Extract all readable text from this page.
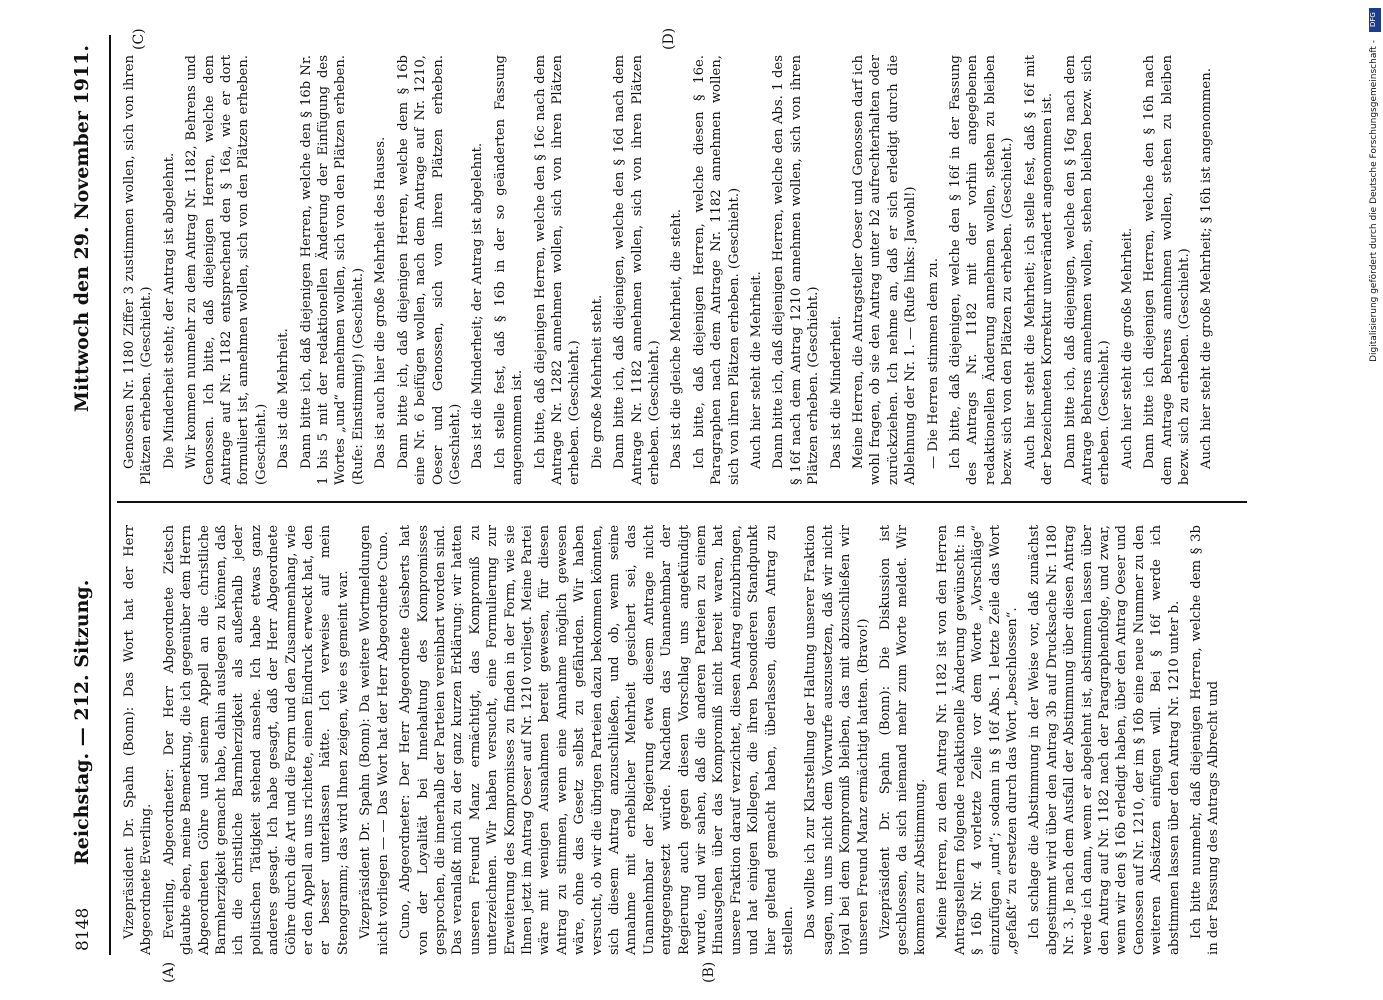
8148
Reichstag. — 212. Sitzung.
Mittwoch den 29. November 1911.
(A)	(B)
(C)	(D)

Vizepräsident Dr. Spahn (Bonn): Das Wort hat der Herr Abgeordnete Everling. Everling, Abgeordneter: Der Herr Abgeordnete Zietsch glaubte eben, meine Bemerkung, die ich gegenüber dem Herrn Abgeordneten Göhre und seinem Appell an die christliche Barmherzigkeit gemacht habe, dahin auslegen zu können, daß ich die christliche Barmherzigkeit als außerhalb jeder politischen Tätigkeit stehend ansehe. Ich habe etwas ganz anderes gesagt. Ich habe gesagt, daß der Herr Abgeordnete Göhre durch die Art und die Form und den Zusammenhang, wie er den Appell an uns richtete, einen Eindruck erweckt hat, den er besser unterlassen hätte. Ich verweise auf mein Stenogramm; das wird Ihnen zeigen, wie es gemeint war. Vizepräsident Dr. Spahn (Bonn): Da weitere Wortmeldungen nicht vorliegen — — Das Wort hat der Herr Abgeordnete Cuno. Cuno, Abgeordneter: Der Herr Abgeordnete Giesberts hat von der Loyalität bei Innehaltung des Kompromisses gesprochen, die innerhalb der Parteien vereinbart worden sind. Das veranlaßt mich zu der ganz kurzen Erklärung: wir hatten unseren Freund Manz ermächtigt, das Kompromiß zu unterzeichnen. Wir haben versucht, eine Formulierung zur Erweiterung des Kompromisses zu finden in der Form, wie sie Ihnen jetzt im Antrag Oeser auf Nr. 1210 vorliegt. Meine Partei wäre mit wenigen Ausnahmen bereit gewesen, für diesen Antrag zu stimmen, wenn eine Annahme möglich gewesen wäre, ohne das Gesetz selbst zu gefährden. Wir haben versucht, ob wir die übrigen Parteien dazu bekommen könnten, sich diesem Antrag anzuschließen, und ob, wenn seine Annahme mit erheblicher Mehrheit gesichert sei, das Unannehmbar der Regierung etwa diesem Antrage nicht entgegengesetzt würde. Nachdem das Unannehmbar der Regierung auch gegen diesen Vorschlag uns angekündigt wurde, und wir sahen, daß die anderen Parteien zu einem Hinausgehen über das Kompromiß nicht bereit waren, hat unsere Fraktion darauf verzichtet, diesen Antrag einzubringen, und hat einigen Kollegen, die ihren besonderen Standpunkt hier geltend gemacht haben, überlassen, diesen Antrag zu stellen. Das wollte ich zur Klarstellung der Haltung unserer Fraktion sagen, um uns nicht dem Vorwurfe auszusetzen, daß wir nicht loyal bei dem Kompromiß bleiben, das mit abzuschließen wir unseren Freund Manz ermächtigt hatten. (Bravo!) Vizepräsident Dr. Spahn (Bonn): Die Diskussion ist geschlossen, da sich niemand mehr zum Worte meldet. Wir kommen zur Abstimmung. Meine Herren, zu dem Antrag Nr. 1182 ist von den Herren Antragstellern folgende redaktionelle Änderung gewünscht: in § 16b Nr. 4 vorletzte Zeile vor dem Worte „Vorschläge“ einzufügen „und“; sodann in § 16f Abs. 1 letzte Zeile das Wort „gefaßt“ zu ersetzen durch das Wort „beschlossen“. Ich schlage die Abstimmung in der Weise vor, daß zunächst abgestimmt wird über den Antrag 3b auf Drucksache Nr. 1180 Nr. 3. Je nach dem Ausfall der Abstimmung über diesen Antrag werde ich dann, wenn er abgelehnt ist, abstimmen lassen über den Antrag auf Nr. 1182 nach der Paragraphenfolge, und zwar, wenn wir den § 16b erledigt haben, über den Antrag Oeser und Genossen auf Nr. 1210, der im § 16b eine neue Nummer zu den weiteren Absätzen einfügen will. Bei § 16f werde ich abstimmen lassen über den Antrag Nr. 1210 unter b. Ich bitte nunmehr, daß diejenigen Herren, welche dem § 3b in der Fassung des Antrags Albrecht und

Genossen Nr. 1180 Ziffer 3 zustimmen wollen, sich von ihren Plätzen erheben. (Geschieht.) Die Minderheit steht; der Antrag ist abgelehnt. Wir kommen nunmehr zu dem Antrag Nr. 1182, Behrens und Genossen. Ich bitte, daß diejenigen Herren, welche dem Antrage auf Nr. 1182 entsprechend den § 16a, wie er dort formuliert ist, annehmen wollen, sich von den Plätzen erheben. (Geschieht.) Das ist die Mehrheit. Dann bitte ich, daß diejenigen Herren, welche den § 16b Nr. 1 bis 5 mit der redaktionellen Änderung der Einfügung des Wortes „und“ annehmen wollen, sich von den Plätzen erheben. (Rufe: Einstimmig!) (Geschieht.) Das ist auch hier die große Mehrheit des Hauses. Dann bitte ich, daß diejenigen Herren, welche dem § 16b eine Nr. 6 beifügen wollen, nach dem Antrage auf Nr. 1210, Oeser und Genossen, sich von ihren Plätzen erheben. (Geschieht.) Das ist die Minderheit; der Antrag ist abgelehnt. Ich stelle fest, daß § 16b in der so geänderten Fassung angenommen ist. Ich bitte, daß diejenigen Herren, welche den § 16c nach dem Antrage Nr. 1282 annehmen wollen, sich von ihren Plätzen erheben. (Geschieht.) Die große Mehrheit steht. Dann bitte ich, daß diejenigen, welche den § 16d nach dem Antrage Nr. 1182 annehmen wollen, sich von ihren Plätzen erheben. (Geschieht.) Das ist die gleiche Mehrheit, die steht. Ich bitte, daß diejenigen Herren, welche diesen § 16e. Paragraphen nach dem Antrage Nr. 1182 annehmen wollen, sich von ihren Plätzen erheben. (Geschieht.) Auch hier steht die Mehrheit. Dann bitte ich, daß diejenigen Herren, welche den Abs. 1 des § 16f nach dem Antrag 1210 annehmen wollen, sich von ihren Plätzen erheben. (Geschieht.) Das ist die Minderheit. Meine Herren, die Antragsteller Oeser und Genossen darf ich wohl fragen, ob sie den Antrag unter b2 aufrechterhalten oder zurückziehen. Ich nehme an, daß er sich erledigt durch die Ablehnung der Nr. 1. — (Rufe links: Jawohl!) — Die Herren stimmen dem zu. Ich bitte, daß diejenigen, welche den § 16f in der Fassung des Antrags Nr. 1182 mit der vorhin angegebenen redaktionellen Änderung annehmen wollen, stehen zu bleiben bezw. sich von den Plätzen zu erheben. (Geschieht.) Auch hier steht die Mehrheit; ich stelle fest, daß § 16f mit der bezeichneten Korrektur unverändert angenommen ist. Dann bitte ich, daß diejenigen, welche den § 16g nach dem Antrage Behrens annehmen wollen, stehen bleiben bezw. sich erheben. (Geschieht.) Auch hier steht die große Mehrheit. Dann bitte ich diejenigen Herren, welche den § 16h nach dem Antrage Behrens annehmen wollen, stehen zu bleiben bezw. sich zu erheben. (Geschieht.) Auch hier steht die große Mehrheit; § 16h ist angenommen.

DFG
Digitalisierung gefördert durch die Deutsche Forschungsgemeinschaft -
